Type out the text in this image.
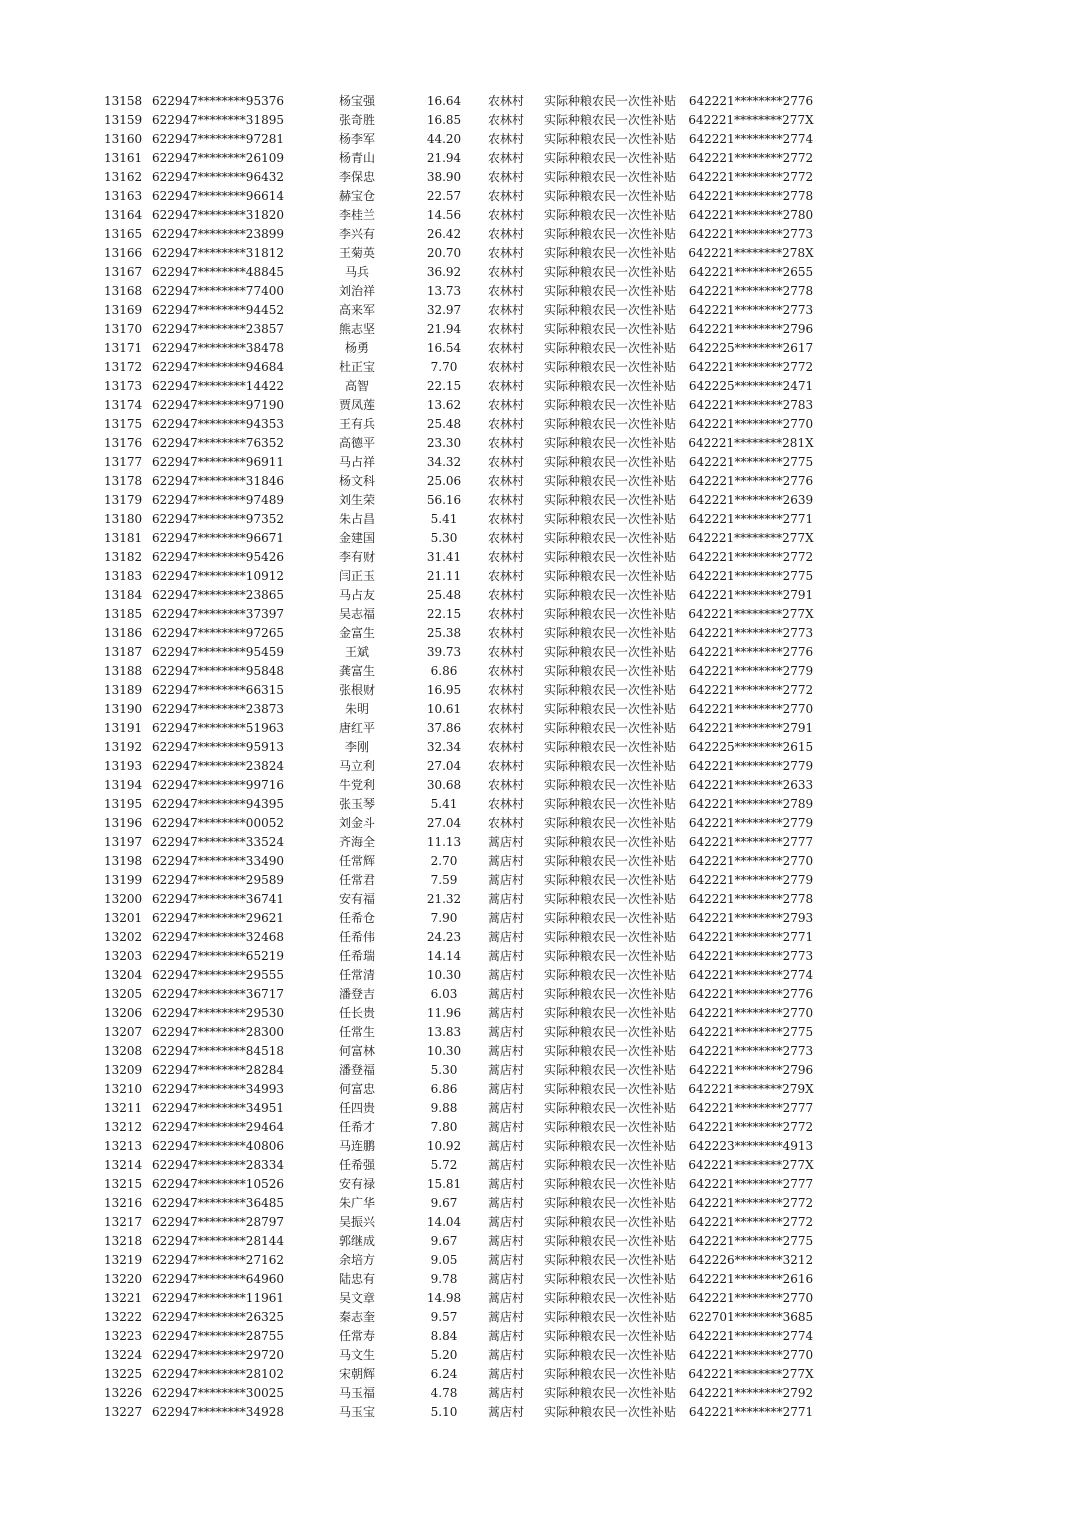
13158	622947********95376	杨宝强	16.64	农林村	实际种粮农民一次性补贴	642221********2776	
13159	622947********31895	张奇胜	16.85	农林村	实际种粮农民一次性补贴	642221********277X	
13160	622947********97281	杨李军	44.20	农林村	实际种粮农民一次性补贴	642221********2774	
13161	622947********26109	杨青山	21.94	农林村	实际种粮农民一次性补贴	642221********2772	
13162	622947********96432	李保忠	38.90	农林村	实际种粮农民一次性补贴	642221********2772	
13163	622947********96614	赫宝仓	22.57	农林村	实际种粮农民一次性补贴	642221********2778	
13164	622947********31820	李桂兰	14.56	农林村	实际种粮农民一次性补贴	642221********2780	
13165	622947********23899	李兴有	26.42	农林村	实际种粮农民一次性补贴	642221********2773	
13166	622947********31812	王菊英	20.70	农林村	实际种粮农民一次性补贴	642221********278X	
13167	622947********48845	马兵	36.92	农林村	实际种粮农民一次性补贴	642221********2655	
13168	622947********77400	刘治祥	13.73	农林村	实际种粮农民一次性补贴	642221********2778	
13169	622947********94452	高来军	32.97	农林村	实际种粮农民一次性补贴	642221********2773	
13170	622947********23857	熊志坚	21.94	农林村	实际种粮农民一次性补贴	642221********2796	
13171	622947********38478	杨勇	16.54	农林村	实际种粮农民一次性补贴	642225********2617	
13172	622947********94684	杜正宝	7.70	农林村	实际种粮农民一次性补贴	642221********2772	
13173	622947********14422	高智	22.15	农林村	实际种粮农民一次性补贴	642225********2471	
13174	622947********97190	贾凤莲	13.62	农林村	实际种粮农民一次性补贴	642221********2783	
13175	622947********94353	王有兵	25.48	农林村	实际种粮农民一次性补贴	642221********2770	
13176	622947********76352	高德平	23.30	农林村	实际种粮农民一次性补贴	642221********281X	
13177	622947********96911	马占祥	34.32	农林村	实际种粮农民一次性补贴	642221********2775	
13178	622947********31846	杨文科	25.06	农林村	实际种粮农民一次性补贴	642221********2776	
13179	622947********97489	刘生荣	56.16	农林村	实际种粮农民一次性补贴	642221********2639	
13180	622947********97352	朱占昌	5.41	农林村	实际种粮农民一次性补贴	642221********2771	
13181	622947********96671	金建国	5.30	农林村	实际种粮农民一次性补贴	642221********277X	
13182	622947********95426	李有财	31.41	农林村	实际种粮农民一次性补贴	642221********2772	
13183	622947********10912	闫正玉	21.11	农林村	实际种粮农民一次性补贴	642221********2775	
13184	622947********23865	马占友	25.48	农林村	实际种粮农民一次性补贴	642221********2791	
13185	622947********37397	吴志福	22.15	农林村	实际种粮农民一次性补贴	642221********277X	
13186	622947********97265	金富生	25.38	农林村	实际种粮农民一次性补贴	642221********2773	
13187	622947********95459	王斌	39.73	农林村	实际种粮农民一次性补贴	642221********2776	
13188	622947********95848	龚富生	6.86	农林村	实际种粮农民一次性补贴	642221********2779	
13189	622947********66315	张根财	16.95	农林村	实际种粮农民一次性补贴	642221********2772	
13190	622947********23873	朱明	10.61	农林村	实际种粮农民一次性补贴	642221********2770	
13191	622947********51963	唐红平	37.86	农林村	实际种粮农民一次性补贴	642221********2791	
13192	622947********95913	李刚	32.34	农林村	实际种粮农民一次性补贴	642225********2615	
13193	622947********23824	马立利	27.04	农林村	实际种粮农民一次性补贴	642221********2779	
13194	622947********99716	牛党利	30.68	农林村	实际种粮农民一次性补贴	642221********2633	
13195	622947********94395	张玉琴	5.41	农林村	实际种粮农民一次性补贴	642221********2789	
13196	622947********00052	刘金斗	27.04	农林村	实际种粮农民一次性补贴	642221********2779	
13197	622947********33524	齐海全	11.13	蒿店村	实际种粮农民一次性补贴	642221********2777	
13198	622947********33490	任常辉	2.70	蒿店村	实际种粮农民一次性补贴	642221********2770	
13199	622947********29589	任常君	7.59	蒿店村	实际种粮农民一次性补贴	642221********2779	
13200	622947********36741	安有福	21.32	蒿店村	实际种粮农民一次性补贴	642221********2778	
13201	622947********29621	任希仓	7.90	蒿店村	实际种粮农民一次性补贴	642221********2793	
13202	622947********32468	任希伟	24.23	蒿店村	实际种粮农民一次性补贴	642221********2771	
13203	622947********65219	任希瑞	14.14	蒿店村	实际种粮农民一次性补贴	642221********2773	
13204	622947********29555	任常清	10.30	蒿店村	实际种粮农民一次性补贴	642221********2774	
13205	622947********36717	潘登吉	6.03	蒿店村	实际种粮农民一次性补贴	642221********2776	
13206	622947********29530	任长贵	11.96	蒿店村	实际种粮农民一次性补贴	642221********2770	
13207	622947********28300	任常生	13.83	蒿店村	实际种粮农民一次性补贴	642221********2775	
13208	622947********84518	何富林	10.30	蒿店村	实际种粮农民一次性补贴	642221********2773	
13209	622947********28284	潘登福	5.30	蒿店村	实际种粮农民一次性补贴	642221********2796	
13210	622947********34993	何富忠	6.86	蒿店村	实际种粮农民一次性补贴	642221********279X	
13211	622947********34951	任四贵	9.88	蒿店村	实际种粮农民一次性补贴	642221********2777	
13212	622947********29464	任希才	7.80	蒿店村	实际种粮农民一次性补贴	642221********2772	
13213	622947********40806	马连鹏	10.92	蒿店村	实际种粮农民一次性补贴	642223********4913	
13214	622947********28334	任希强	5.72	蒿店村	实际种粮农民一次性补贴	642221********277X	
13215	622947********10526	安有禄	15.81	蒿店村	实际种粮农民一次性补贴	642221********2777	
13216	622947********36485	朱广华	9.67	蒿店村	实际种粮农民一次性补贴	642221********2772	
13217	622947********28797	吴振兴	14.04	蒿店村	实际种粮农民一次性补贴	642221********2772	
13218	622947********28144	郭继成	9.67	蒿店村	实际种粮农民一次性补贴	642221********2775	
13219	622947********27162	余培方	9.05	蒿店村	实际种粮农民一次性补贴	642226********3212	
13220	622947********64960	陆忠有	9.78	蒿店村	实际种粮农民一次性补贴	642221********2616	
13221	622947********11961	吴文章	14.98	蒿店村	实际种粮农民一次性补贴	642221********2770	
13222	622947********26325	秦志奎	9.57	蒿店村	实际种粮农民一次性补贴	622701********3685	
13223	622947********28755	任常寿	8.84	蒿店村	实际种粮农民一次性补贴	642221********2774	
13224	622947********29720	马文生	5.20	蒿店村	实际种粮农民一次性补贴	642221********2770	
13225	622947********28102	宋朝辉	6.24	蒿店村	实际种粮农民一次性补贴	642221********277X	
13226	622947********30025	马玉福	4.78	蒿店村	实际种粮农民一次性补贴	642221********2792	
13227	622947********34928	马玉宝	5.10	蒿店村	实际种粮农民一次性补贴	642221********2771	
